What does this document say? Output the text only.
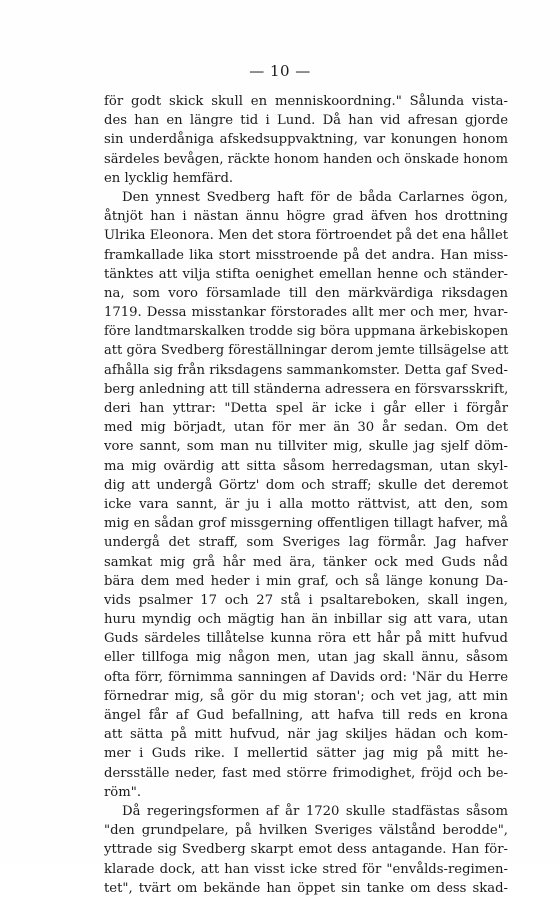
— 10 —
för godt skick skull en menniskoordning." Sålunda vista-
des han en längre tid i Lund. Då han vid afresan gjorde
sin underdåniga afskedsuppvaktning, var konungen honom
särdeles bevågen, räckte honom handen och önskade honom
en lycklig hemfärd.
Den ynnest Svedberg haft för de båda Carlarnes ögon,
åtnjöt han i nästan ännu högre grad äfven hos drottning
Ulrika Eleonora. Men det stora förtroendet på det ena hållet
framkallade lika stort misstroende på det andra. Han miss-
tänktes att vilja stifta oenighet emellan henne och ständer-
na, som voro församlade till den märkvärdiga riksdagen
1719. Dessa misstankar förstorades allt mer och mer, hvar-
före landtmarskalken trodde sig böra uppmana ärkebiskopen
att göra Svedberg föreställningar derom jemte tillsägelse att
afhålla sig från riksdagens sammankomster. Detta gaf Sved-
berg anledning att till ständerna adressera en försvarsskrift,
deri han yttrar: "Detta spel är icke i går eller i förgår
med mig börjadt, utan för mer än 30 år sedan. Om det
vore sannt, som man nu tillviter mig, skulle jag sjelf döm-
ma mig ovärdig att sitta såsom herredagsman, utan skyl-
dig att undergå Görtz' dom och straff; skulle det deremot
icke vara sannt, är ju i alla motto rättvist, att den, som
mig en sådan grof missgerning offentligen tillagt hafver, må
undergå det straff, som Sveriges lag förmår. Jag hafver
samkat mig grå hår med ära, tänker ock med Guds nåd
bära dem med heder i min graf, och så länge konung Da-
vids psalmer 17 och 27 stå i psaltareboken, skall ingen,
huru myndig och mägtig han än inbillar sig att vara, utan
Guds särdeles tillåtelse kunna röra ett hår på mitt hufvud
eller tillfoga mig någon men, utan jag skall ännu, såsom
ofta förr, förnimma sanningen af Davids ord: 'När du Herre
förnedrar mig, så gör du mig storan'; och vet jag, att min
ängel får af Gud befallning, att hafva till reds en krona
att sätta på mitt hufvud, när jag skiljes hädan och kom-
mer i Guds rike. I mellertid sätter jag mig på mitt he-
dersställe neder, fast med större frimodighet, fröjd och be-
röm".
Då regeringsformen af år 1720 skulle stadfästas såsom
"den grundpelare, på hvilken Sveriges välstånd berodde",
yttrade sig Svedberg skarpt emot dess antagande. Han för-
klarade dock, att han visst icke stred för "envålds-regimen-
tet", tvärt om bekände han öppet sin tanke om dess skad-
